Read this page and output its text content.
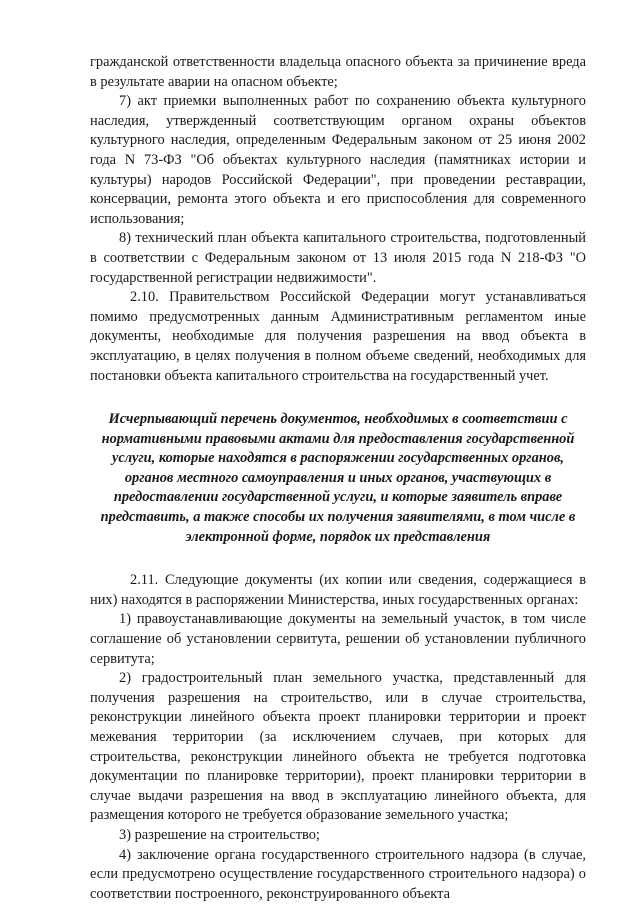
гражданской ответственности владельца опасного объекта за причинение вреда в результате аварии на опасном объекте;

7) акт приемки выполненных работ по сохранению объекта культурного наследия, утвержденный соответствующим органом охраны объектов культурного наследия, определенным Федеральным законом от 25 июня 2002 года N 73-ФЗ "Об объектах культурного наследия (памятниках истории и культуры) народов Российской Федерации", при проведении реставрации, консервации, ремонта этого объекта и его приспособления для современного использования;

8) технический план объекта капитального строительства, подготовленный в соответствии с Федеральным законом от 13 июля 2015 года N 218-ФЗ "О государственной регистрации недвижимости".

2.10. Правительством Российской Федерации могут устанавливаться помимо предусмотренных данным Административным регламентом иные документы, необходимые для получения разрешения на ввод объекта в эксплуатацию, в целях получения в полном объеме сведений, необходимых для постановки объекта капитального строительства на государственный учет.

Исчерпывающий перечень документов, необходимых в соответствии с нормативными правовыми актами для предоставления государственной услуги, которые находятся в распоряжении государственных органов, органов местного самоуправления и иных органов, участвующих в предоставлении государственной услуги, и которые заявитель вправе представить, а также способы их получения заявителями, в том числе в электронной форме, порядок их представления

2.11. Следующие документы (их копии или сведения, содержащиеся в них) находятся в распоряжении Министерства, иных государственных органах:

1) правоустанавливающие документы на земельный участок, в том числе соглашение об установлении сервитута, решении об установлении публичного сервитута;

2) градостроительный план земельного участка, представленный для получения разрешения на строительство, или в случае строительства, реконструкции линейного объекта проект планировки территории и проект межевания территории (за исключением случаев, при которых для строительства, реконструкции линейного объекта не требуется подготовка документации по планировке территории), проект планировки территории в случае выдачи разрешения на ввод в эксплуатацию линейного объекта, для размещения которого не требуется образование земельного участка;

3) разрешение на строительство;

4) заключение органа государственного строительного надзора (в случае, если предусмотрено осуществление государственного строительного надзора) о соответствии построенного, реконструированного объекта
